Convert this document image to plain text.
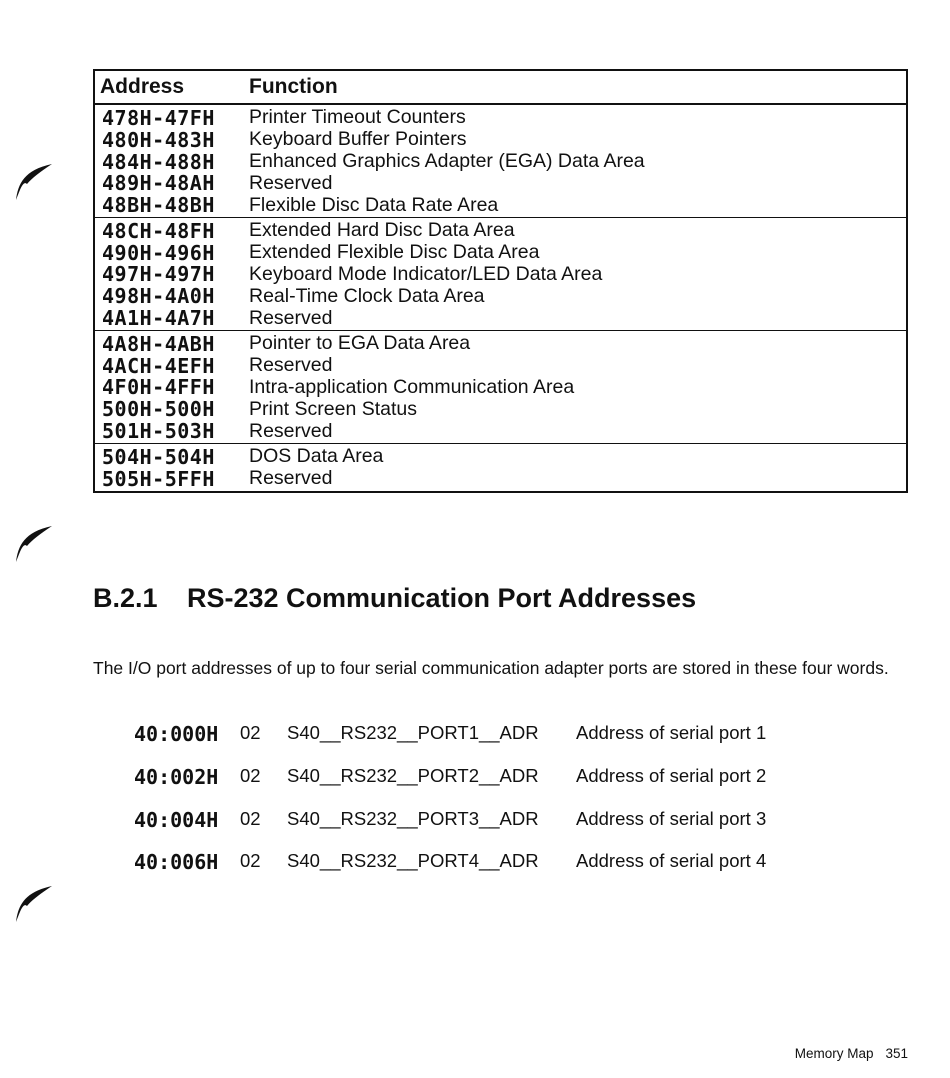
Address	Function
478H-47FH	Printer Timeout Counters
480H-483H	Keyboard Buffer Pointers
484H-488H	Enhanced Graphics Adapter (EGA) Data Area
489H-48AH	Reserved
48BH-48BH	Flexible Disc Data Rate Area
48CH-48FH	Extended Hard Disc Data Area
490H-496H	Extended Flexible Disc Data Area
497H-497H	Keyboard Mode Indicator/LED Data Area
498H-4A0H	Real-Time Clock Data Area
4A1H-4A7H	Reserved
4A8H-4ABH	Pointer to EGA Data Area
4ACH-4EFH	Reserved
4F0H-4FFH	Intra-application Communication Area
500H-500H	Print Screen Status
501H-503H	Reserved
504H-504H	DOS Data Area
505H-5FFH	Reserved
B.2.1 RS-232 Communication Port Addresses
The I/O port addresses of up to four serial communication adapter ports are stored in these four words.
40:000H 02 S40__RS232__PORT1__ADR Address of serial port 1
40:002H 02 S40__RS232__PORT2__ADR Address of serial port 2
40:004H 02 S40__RS232__PORT3__ADR Address of serial port 3
40:006H 02 S40__RS232__PORT4__ADR Address of serial port 4
Memory Map 351
